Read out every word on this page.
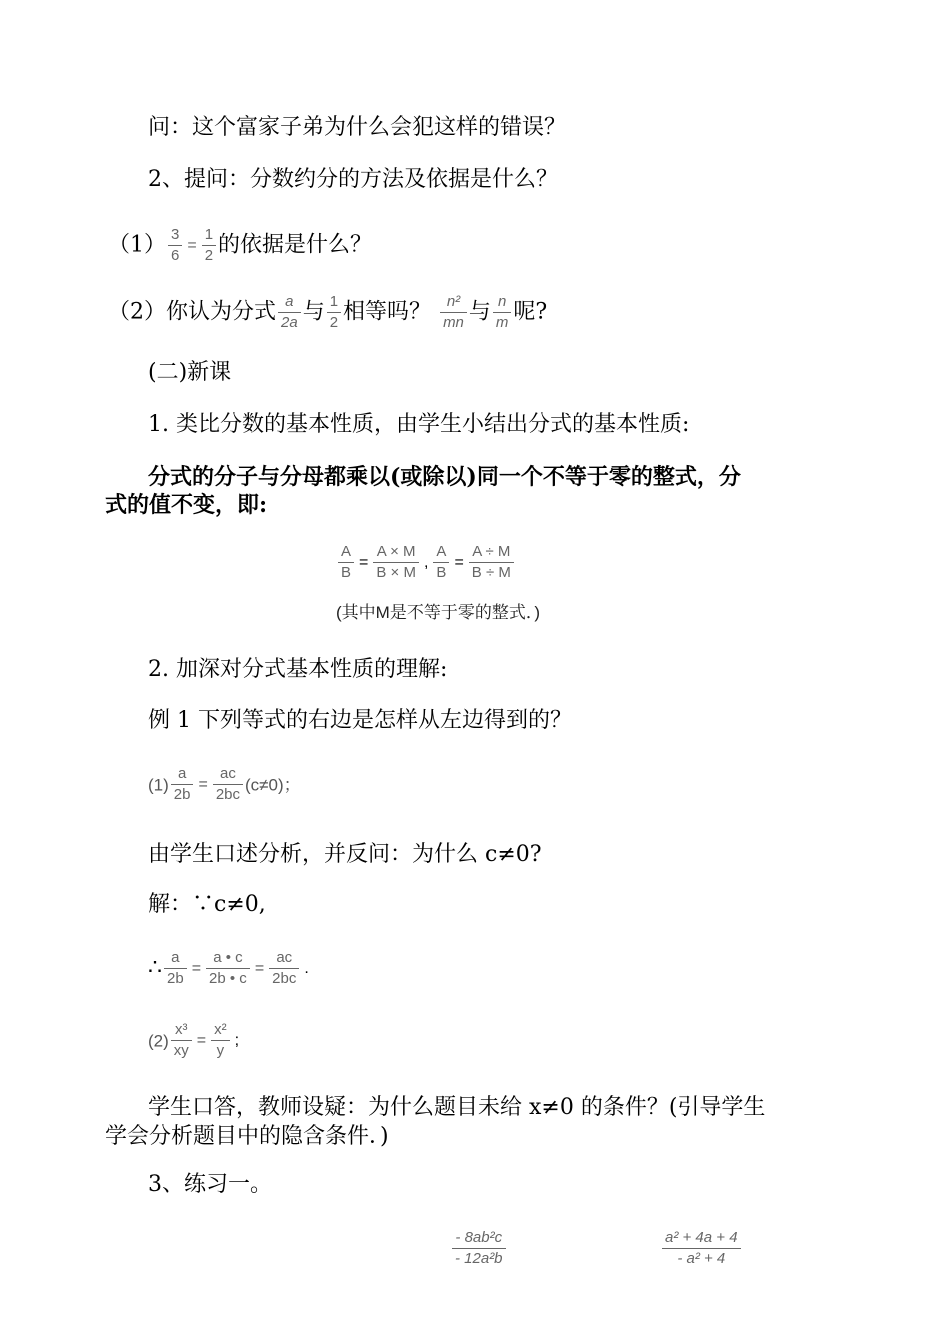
问：这个富家子弟为什么会犯这样的错误？
2、提问：分数约分的方法及依据是什么？
$(1) \frac{3}{6} = \frac{1}{2}$ 的依据是什么？
（2）你认为分式 $\frac{a}{2a}$ 与 $\frac{1}{2}$ 相等吗？ $\frac{\text{n²}}{mn}$ 与 $\frac{n}{m}$ 呢?
(二)新课
1. 类比分数的基本性质，由学生小结出分式的基本性质:
分式的分子与分母都乘以(或除以)同一个不等于零的整式，分
式的值不变，即:
$\frac{A}{B} = \frac{A \times M}{B \times M}$ , $\frac{A}{B} = \frac{A \div M}{B \div M}$
(其中M是不等于零的整式．)
2. 加深对分式基本性质的理解:
例 1 下列等式的右边是怎样从左边得到的？
$(1) \frac{a}{2b} = \frac{ac}{2bc} (c\ne 0)$；
由学生口述分析，并反问：为什么 c≠0?
解：∵c≠0,
∴ $\frac{a}{2b} = \frac{a • c}{2b • c} = \frac{ac}{2bc}$ .
$(2) \frac{\text{x³}}{xy} = \frac{\text{x²}}{y}$ ;
学生口答，教师设疑：为什么题目未给 x≠0 的条件？(引导学生
学会分析题目中的隐含条件．)
3、练习一。
$\frac{\text{- 8ab²c}}{\text{- 12a²b}}$	$\frac{\text{a² + 4a + 4}}{\text{- a² + 4}}$
